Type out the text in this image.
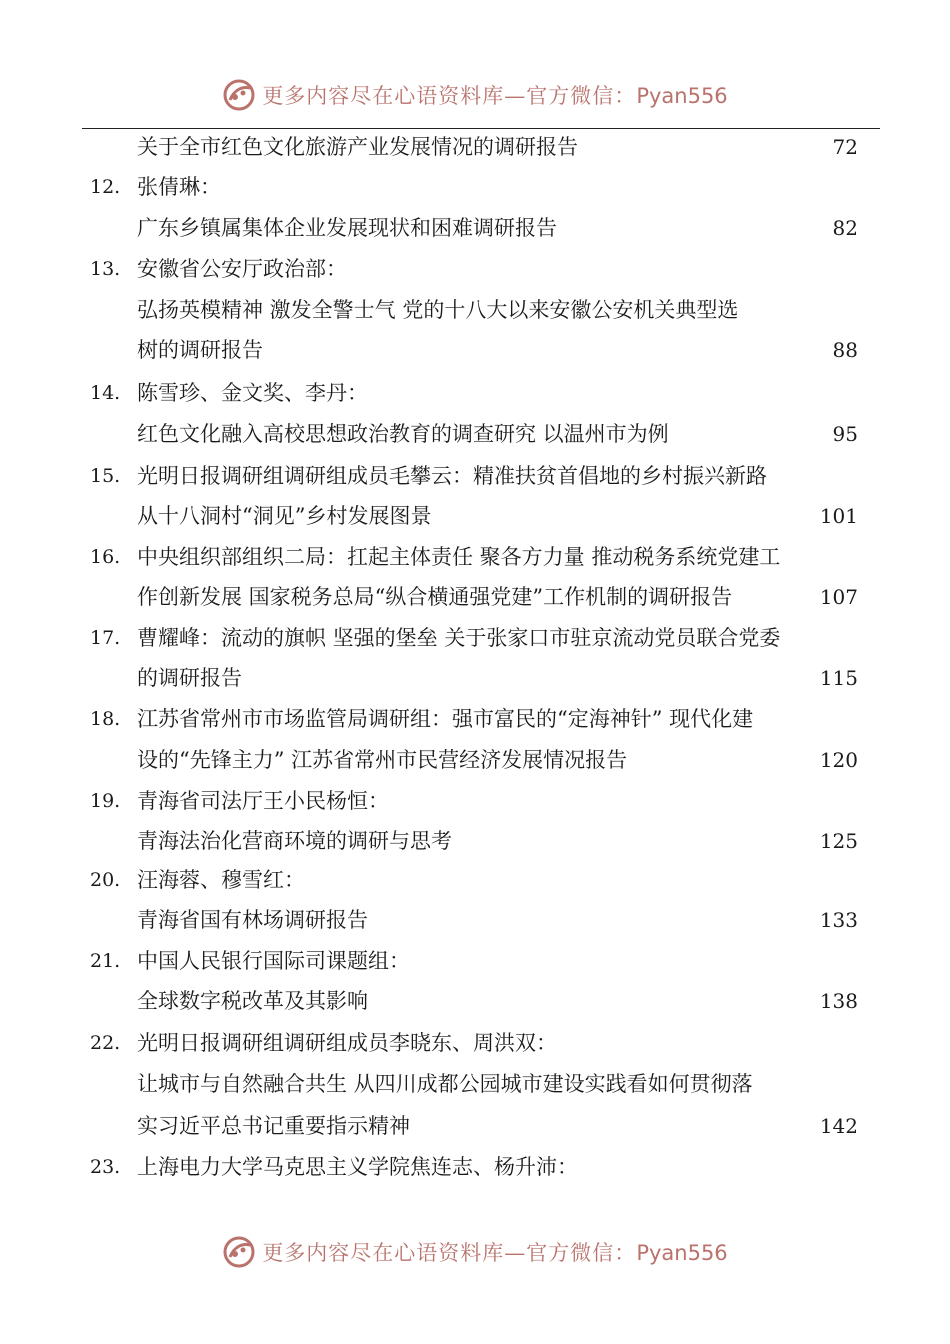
更多内容尽在心语资料库—官方微信：Pyan556
关于全市红色文化旅游产业发展情况的调研报告	72
12. 张倩琳：
广东乡镇属集体企业发展现状和困难调研报告	82
13. 安徽省公安厅政治部：
弘扬英模精神 激发全警士气 党的十八大以来安徽公安机关典型选
树的调研报告	88
14. 陈雪珍、金文奖、李丹：
红色文化融入高校思想政治教育的调查研究 以温州市为例	95
15. 光明日报调研组调研组成员毛攀云：精准扶贫首倡地的乡村振兴新路
从十八洞村“洞见”乡村发展图景	101
16. 中央组织部组织二局：扛起主体责任 聚各方力量 推动税务系统党建工
作创新发展 国家税务总局“纵合横通强党建”工作机制的调研报告	107
17. 曹耀峰：流动的旗帜 坚强的堡垒 关于张家口市驻京流动党员联合党委
的调研报告	115
18. 江苏省常州市市场监管局调研组：强市富民的“定海神针” 现代化建
设的“先锋主力” 江苏省常州市民营经济发展情况报告	120
19. 青海省司法厅王小民杨恒：
青海法治化营商环境的调研与思考	125
20. 汪海蓉、穆雪红：
青海省国有林场调研报告	133
21. 中国人民银行国际司课题组：
全球数字税改革及其影响	138
22. 光明日报调研组调研组成员李晓东、周洪双：
让城市与自然融合共生 从四川成都公园城市建设实践看如何贯彻落
实习近平总书记重要指示精神	142
23. 上海电力大学马克思主义学院焦连志、杨升沛：
更多内容尽在心语资料库—官方微信：Pyan556
